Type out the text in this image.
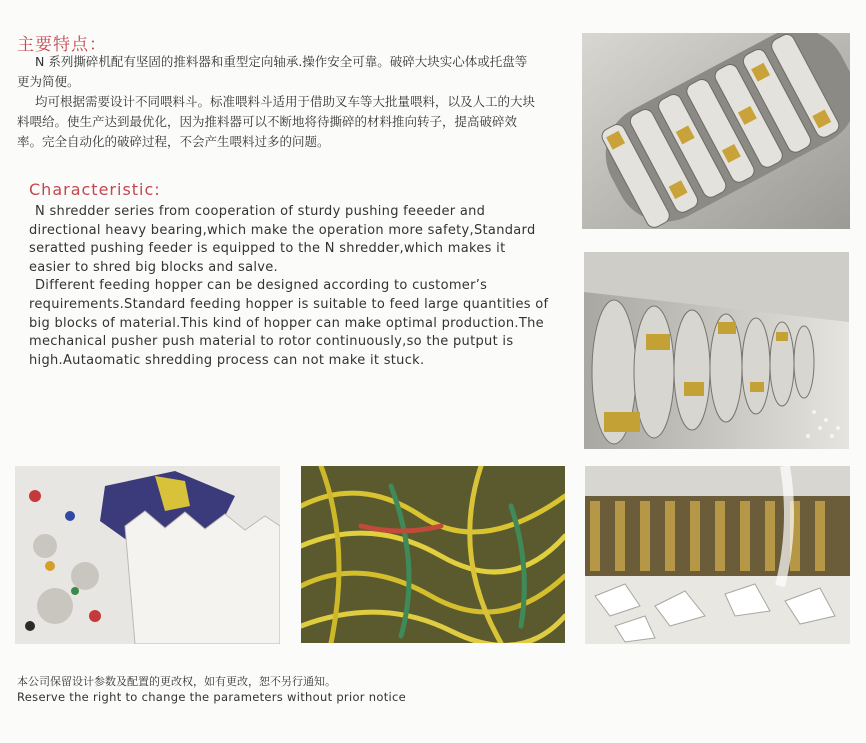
主要特点：

N 系列撕碎机配有坚固的推料器和重型定向轴承.操作安全可靠。破碎大块实心体或托盘等更为简便。

均可根据需要设计不同喂料斗。标准喂料斗适用于借助叉车等大批量喂料，以及人工的大块料喂给。使生产达到最优化，因为推料器可以不断地将待撕碎的材料推向转子，提高破碎效率。完全自动化的破碎过程，不会产生喂料过多的问题。

Characteristic:

N shredder series from cooperation of sturdy pushing feeeder and directional heavy bearing,which make the operation more safety,Standard seratted pushing feeder is equipped to the N shredder,which makes it easier to shred big blocks and salve.

Different feeding hopper can be designed according to customer’s requirements.Standard feeding hopper is suitable to feed large quantities of big blocks of material.This kind of hopper can make optimal production.The mechanical pusher push material to rotor continuously,so the putput is high.Autaomatic shredding process can not make it stuck.

本公司保留设计参数及配置的更改权，如有更改，恕不另行通知。
Reserve the right to change the parameters without prior notice
